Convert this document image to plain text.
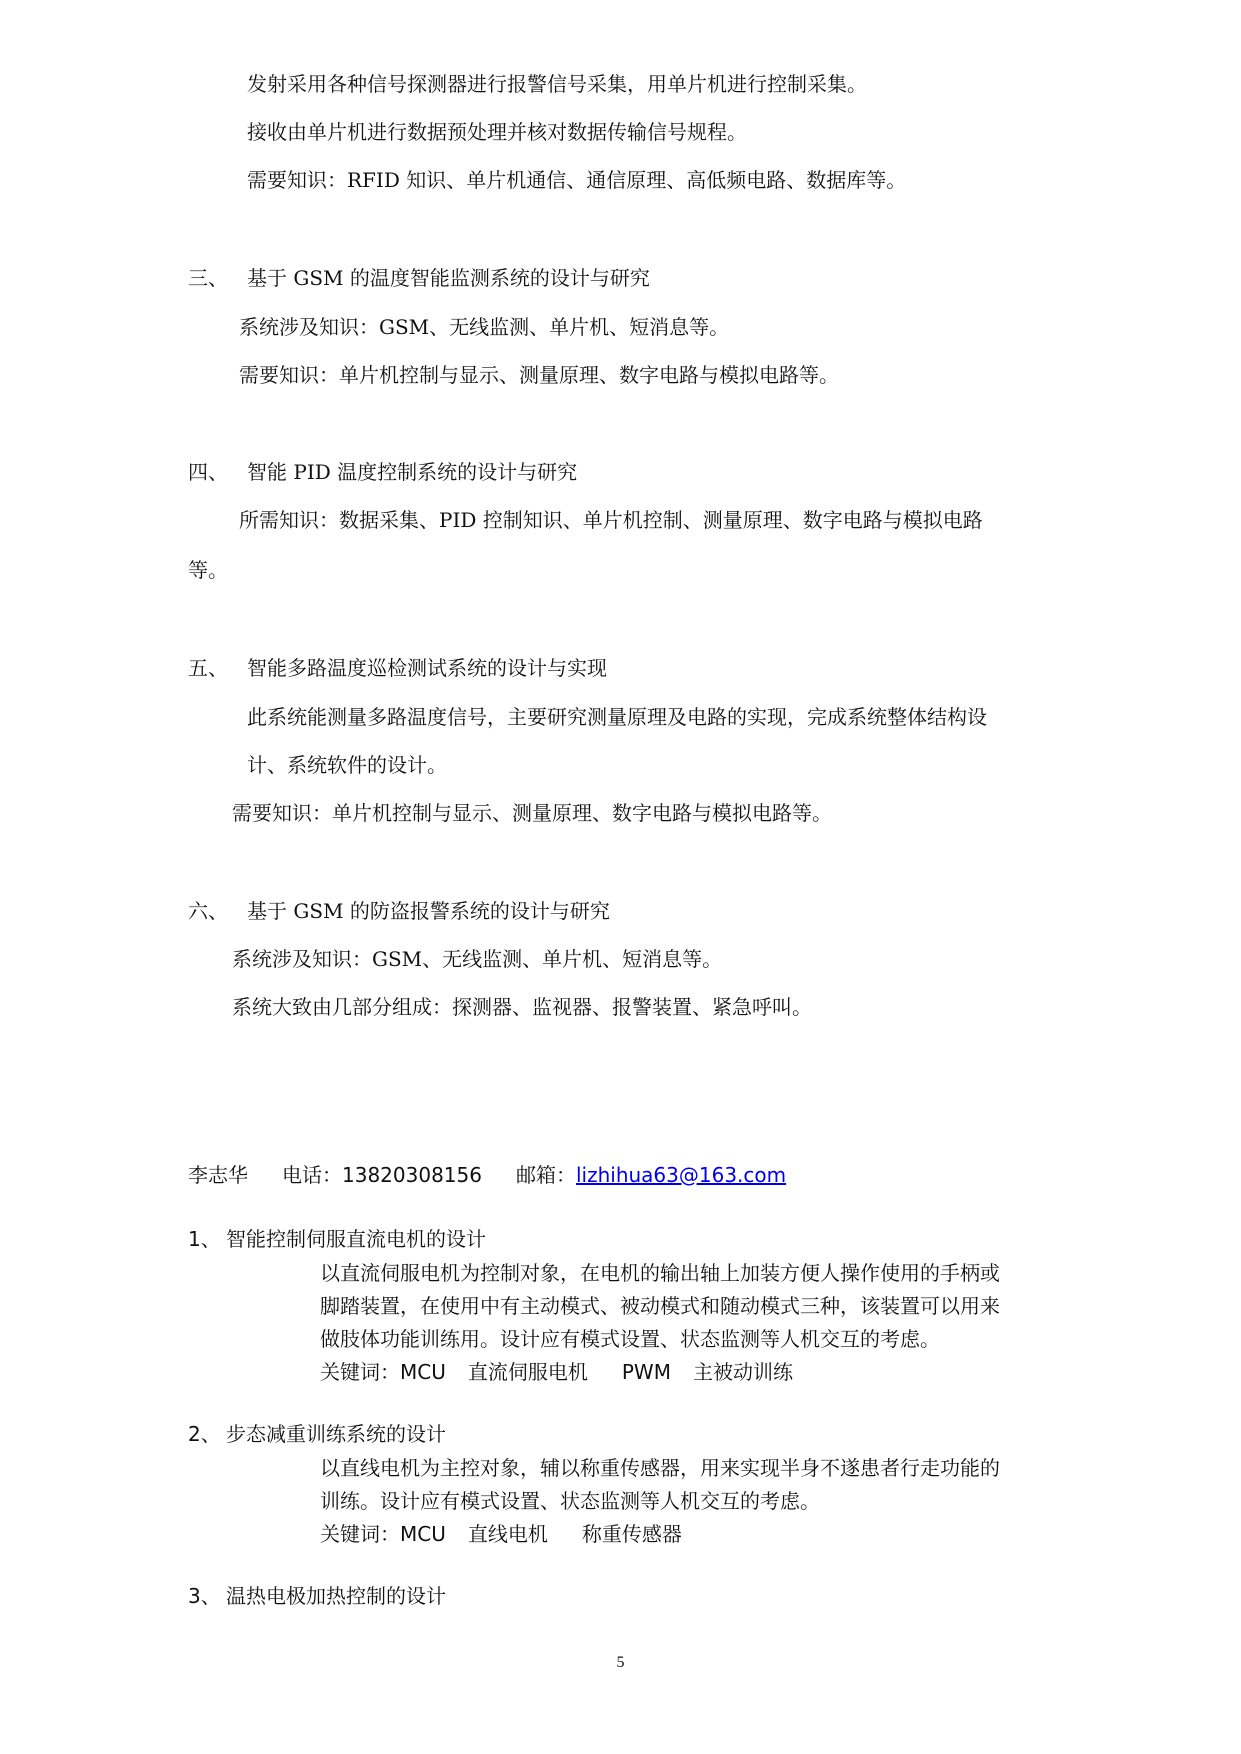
发射采用各种信号探测器进行报警信号采集，用单片机进行控制采集。
接收由单片机进行数据预处理并核对数据传输信号规程。
需要知识：RFID 知识、单片机通信、通信原理、高低频电路、数据库等。
三、 基于 GSM 的温度智能监测系统的设计与研究
系统涉及知识：GSM、无线监测、单片机、短消息等。
需要知识：单片机控制与显示、测量原理、数字电路与模拟电路等。
四、 智能 PID 温度控制系统的设计与研究
所需知识：数据采集、PID 控制知识、单片机控制、测量原理、数字电路与模拟电路
等。
五、 智能多路温度巡检测试系统的设计与实现
此系统能测量多路温度信号，主要研究测量原理及电路的实现，完成系统整体结构设
计、系统软件的设计。
需要知识：单片机控制与显示、测量原理、数字电路与模拟电路等。
六、 基于 GSM 的防盗报警系统的设计与研究
系统涉及知识：GSM、无线监测、单片机、短消息等。
系统大致由几部分组成：探测器、监视器、报警装置、紧急呼叫。
李志华 电话：13820308156 邮箱：lizhihua63@163.com
1、 智能控制伺服直流电机的设计
以直流伺服电机为控制对象，在电机的输出轴上加装方便人操作使用的手柄或
脚踏装置，在使用中有主动模式、被动模式和随动模式三种，该装置可以用来
做肢体功能训练用。设计应有模式设置、状态监测等人机交互的考虑。
关键词：MCU 直流伺服电机 PWM 主被动训练
2、 步态减重训练系统的设计
以直线电机为主控对象，辅以称重传感器，用来实现半身不遂患者行走功能的
训练。设计应有模式设置、状态监测等人机交互的考虑。
关键词：MCU 直线电机 称重传感器
3、 温热电极加热控制的设计
5
